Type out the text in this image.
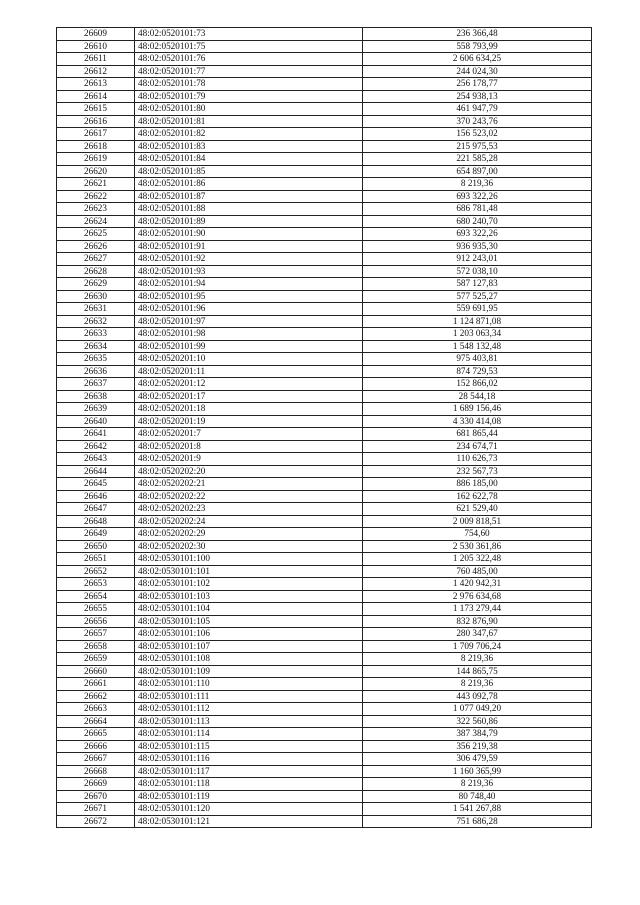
26609	48:02:0520101:73	236 366,48
26610	48:02:0520101:75	558 793,99
26611	48:02:0520101:76	2 606 634,25
26612	48:02:0520101:77	244 024,30
26613	48:02:0520101:78	256 178,77
26614	48:02:0520101:79	254 938,13
26615	48:02:0520101:80	461 947,79
26616	48:02:0520101:81	370 243,76
26617	48:02:0520101:82	156 523,02
26618	48:02:0520101:83	215 975,53
26619	48:02:0520101:84	221 585,28
26620	48:02:0520101:85	654 897,00
26621	48:02:0520101:86	8 219,36
26622	48:02:0520101:87	693 322,26
26623	48:02:0520101:88	686 781,48
26624	48:02:0520101:89	680 240,70
26625	48:02:0520101:90	693 322,26
26626	48:02:0520101:91	936 935,30
26627	48:02:0520101:92	912 243,01
26628	48:02:0520101:93	572 038,10
26629	48:02:0520101:94	587 127,83
26630	48:02:0520101:95	577 525,27
26631	48:02:0520101:96	559 691,95
26632	48:02:0520101:97	1 124 871,08
26633	48:02:0520101:98	1 203 063,34
26634	48:02:0520101:99	1 548 132,48
26635	48:02:0520201:10	975 403,81
26636	48:02:0520201:11	874 729,53
26637	48:02:0520201:12	152 866,02
26638	48:02:0520201:17	28 544,18
26639	48:02:0520201:18	1 689 156,46
26640	48:02:0520201:19	4 330 414,08
26641	48:02:0520201:7	681 865,44
26642	48:02:0520201:8	234 674,71
26643	48:02:0520201:9	110 626,73
26644	48:02:0520202:20	232 567,73
26645	48:02:0520202:21	886 185,00
26646	48:02:0520202:22	162 622,78
26647	48:02:0520202:23	621 529,40
26648	48:02:0520202:24	2 009 818,51
26649	48:02:0520202:29	754,60
26650	48:02:0520202:30	2 530 361,86
26651	48:02:0530101:100	1 205 322,48
26652	48:02:0530101:101	760 485,00
26653	48:02:0530101:102	1 420 942,31
26654	48:02:0530101:103	2 976 634,68
26655	48:02:0530101:104	1 173 279,44
26656	48:02:0530101:105	832 876,90
26657	48:02:0530101:106	280 347,67
26658	48:02:0530101:107	1 709 706,24
26659	48:02:0530101:108	8 219,36
26660	48:02:0530101:109	144 865,75
26661	48:02:0530101:110	8 219,36
26662	48:02:0530101:111	443 092,78
26663	48:02:0530101:112	1 077 049,20
26664	48:02:0530101:113	322 560,86
26665	48:02:0530101:114	387 384,79
26666	48:02:0530101:115	356 219,38
26667	48:02:0530101:116	306 479,59
26668	48:02:0530101:117	1 160 365,99
26669	48:02:0530101:118	8 219,36
26670	48:02:0530101:119	80 748,40
26671	48:02:0530101:120	1 541 267,88
26672	48:02:0530101:121	751 686,28
